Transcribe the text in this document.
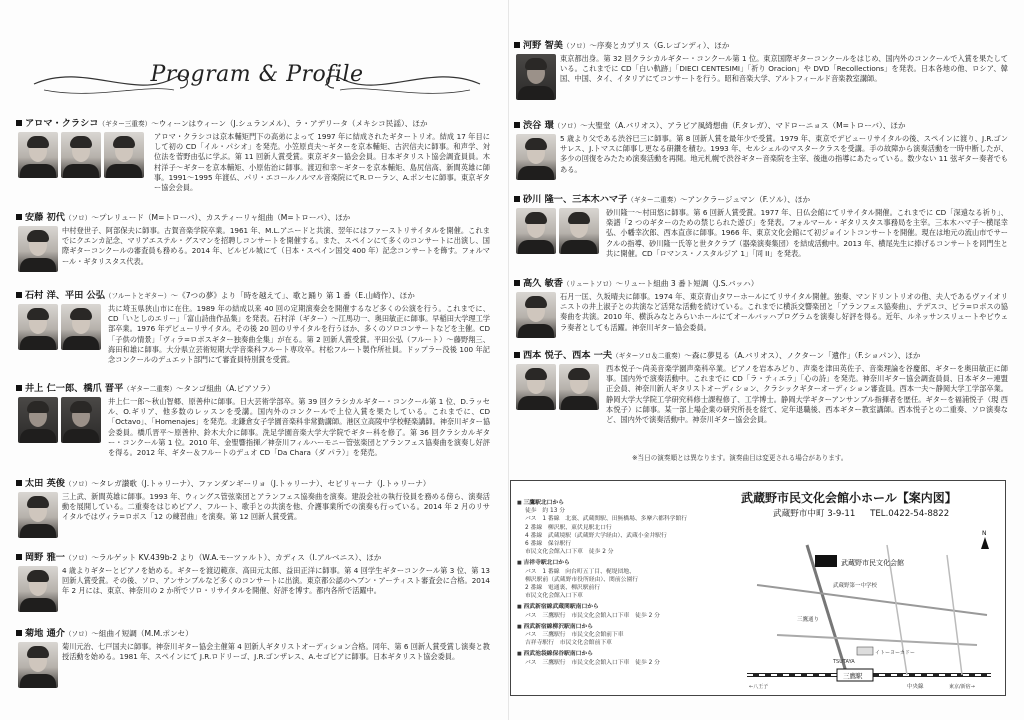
Program & Profile
アロマ・クラシコ（ギター三重奏）〜ウィーンはウィーン（J.シュランメル）、ラ・アデリータ（メキシコ民謡）、ほか
アロマ・クラシコは京本輔矩門下の高弟によって 1997 年に結成されたギタートリオ。結成 17 年目にして初の CD「イル・パシオ」を発売。小笠原貞夫〜ギターを京本輔矩、古沢信夫に師事。和声学、対位法を菅野由弘に学ぶ。第 11 回新人賞受賞。東京ギター協会会員。日本ギタリスト協会調査員員。木村洋子〜ギターを京本輔矩、小原佑治に師事。渡辺和幸〜ギターを京本輔矩、島尻信高、新間英雄に師事。1991〜1995 年渡仏、パリ・エコールノルマル音楽院にてR.ローラン、A.ポンセに師事。東京ギター協会会員。
安藤 初代（ソロ）〜プレリュード（M=トローバ）、カスティーリャ組曲（M=トローバ）、ほか
中村登世子、阿部保夫に師事。古賀音楽学院卒業。1961 年、M.L.アニードと共演、翌年にはファーストリサイタルを開催。これまでにクエンカ記念、マリアエステル・グスマンを招聘しコンサートを開催する。また、スペインにて多くのコンサートに出演し、国際ギターコンクールの審査員も務める。2014 年、ビルビル城にて（日本・スペイン国交 400 年）記念コンサートを飾す。フォルマール・ギタリスタス代表。
石村 洋、平田 公弘（フルートとギター）〜《7つの夢》より「時を越えて」、歌と踊り 第 1 番（E.山崎作）、ほか
共に埼玉県狭山市に在住。1989 年の結成以来 40 回の定期演奏会を開催するなど多くの公演を行う。これまでに、CD「いとしのエリー」「富山詩曲作品集」を発表。石村洋（ギター）〜江馬功一、奥田敏正に師事。早稲田大学理工学部卒業。1976 年デビューリサイタル。その後 20 回のリサイタルを行うほか、多くのソロコンサートなどを主催。CD「子供の情景」「ヴィラ=ロボスギター独奏曲全集」が在る。第 2 回新人賞受賞。平田公弘（フルート）〜藤野翔三、海田和雄に師事。大分県立芸術短期大学音楽科フルート専攻卒。村松フルート製作所社員。ドップラー没後 100 年記念コンクールのデュエット部門にて審査員特別賞を受賞。
井上 仁一郎、橋爪 晋平（ギター二重奏）〜タンゴ組曲（A.ピアソラ）
井上仁一郎〜秋山智郷、原善仲に師事。日大芸術学部卒。第 39 回クラシカルギター・コンクール第 1 位、D.ラッセル、O.ギリア、他多数のレッスンを受講。国内外のコンクールで上位入賞を果たしている。これまでに、CD「Octavo」、「Homenajes」を発売。北鎌倉女子学園音楽科非常勤講師。港区立高陵中学校軽楽講師。神奈川ギター協会委員。橋爪晋平〜原善仲、鈴木大介に師事。洗足学園音楽大学大学院でギター科を修了。第 36 回クラシカルギター・コンクール第 1 位。2010 年、金聖響指揮／神奈川フィルハーモニー管弦楽団とアランフェス協奏曲を演奏し好評を得る。2012 年、ギター＆フルートのデュオ CD「Da Chara（ダ パラ）」を発売。
太田 英俊（ソロ）〜タレガ讃歌（J.トゥリーナ）、ファンダンギーリョ（J.トゥリーナ）、セビリャーナ（J.トゥリーナ）
三上武、新間英雄に師事。1993 年、ウィングス管弦楽団とアランフェス協奏曲を演奏。建設会社の執行役員を務める傍ら、演奏活動を展開している。二重奏をはじめピアノ、フルート、歌手との共演を他、介護事業所での演奏も行っている。2014 年 2 月のリサイタルではヴィラ=ロボス「12 の練習曲」を演奏。第 12 回新人賞受賞。
岡野 雅一（ソロ）〜ラルゲット KV.439b-2 より（W.A.モーツァルト）、カディス（I.アルベニス）、ほか
4 歳よりギターとピアノを始める。ギターを渡辺範彦、高田元太郎、益田正洋に師事。第 4 回学生ギターコンクール第 3 位、第 13 回新人賞受賞。その後、ソロ、アンサンブルなど多くのコンサートに出演。東京都公認のヘブン・アーティスト審査会に合格。2014 年 2 月には、東京、神奈川の 2 か所でソロ・リサイタルを開催、好評を博す。都内各所で活躍中。
菊地 通介（ソロ）〜組曲イ短調（M.M.ポンセ）
菊川元治、七戸国夫に師事。神奈川ギター協会主催第 4 回新人ギタリストオーディション合格。同年、第 6 回新人賞受賞し演奏と教授活動を始める。1981 年、スペインにて J.R.ロドリーゴ、J.R.ゴンザレス、A.セゴビアに師事。日本ギタリスト協会委員。
河野 智美（ソロ）〜序奏とカプリス（G.レゴンディ）、ほか
東京都出身。第 32 回クラシカルギター・コンクール第 1 位。東京国際ギターコンクールをはじめ、国内外のコンクールで入賞を果たしている。これまでに CD「白い軌跡」「DIECI CENTESIMI」「祈り Oracion」や DVD「Recollections」を発表。日本各地の他、ロシア、韓国、中国、タイ、イタリアにてコンサートを行う。昭和音楽大学、アルトフィールド音楽教室講師。
渋谷 環（ソロ）〜大聖堂（A.バリオス）、アラビア風綺想曲（F.タレガ）、マドローニョス（M=トローバ）、ほか
5 歳より父である渋谷巳三に師事。第 8 回新人賞を最年少で受賞。1979 年、東京でデビューリサイタルの後、スペインに渡り、J.R.ゴンサレス、J.トマスに師事し更なる研鑽を積む。1993 年、セルシェルのマスタークラスを受講。手の故障から演奏活動を一時中断したが、多少の回復をみたため演奏活動を再開。地元札幌で渋谷ギター音楽院を主宰、後進の指導にあたっている。数少ない 11 弦ギター奏者でもある。
砂川 隆一、三本木ハマ子（ギター二重奏）〜アンクラージュマン（F.ソル）、ほか
砂川隆一〜村田悠に師事。第 6 回新人賞受賞。1977 年、日仏会館にてリサイタル開催。これまでに CD「深遠なる祈り」、楽譜「2 つのギターのための禁じられた遊び」を発表。フォルマール・ギタリスタス事務局を主宰。三本木ハマ子〜横尾幸弘、小幡幸次郎、西本直彦に師事。1966 年、東京文化会館にて初ジョイントコンサートを開催。現在は地元の流山市でサークルの指導、砂川隆一氏等と世タクラブ（器楽演奏集団）を結成活動中。2013 年、横尾先生に捧げるコンサートを同門生と共に開催。CD「ロマンス・ノスタルジア 1」「同 II」を発表。
高久 敏香（リュートソロ）〜リュート組曲 3 番ト短調（J.S.バッハ）
石月一匡、久坂晴夫に師事。1974 年、東京青山タワーホールにてリサイタル開催。独奏、マンドリントリオの他、夫人であるヴァイオリニストの井上淑子との共演など活発な活動を続けている。これまでに横浜交響楽団と「アランフェス協奏曲」、テデスコ、ビラ=ロボスの協奏曲を共演。2010 年、横浜みなとみらいホールにてオールバッハプログラムを演奏し好評を得る。近年、ルネッサンスリュートやビウェラ奏者としても活躍。神奈川ギター協会委員。
西本 悦子、西本 一夫（ギターソロ＆二重奏）〜森に夢見る（A.バリオス）、ノクターン「遺作」（F.ショパン）、ほか
西本悦子〜尚美音楽学園声楽科卒業。ピアノを岩本みどり、声楽を津田英佐子、音楽理論を谷慶郎、ギターを奥田敏正に師事。国内外で演奏活動中。これまでに CD「ラ・ティエラ」「心の詩」を発売。神奈川ギター協会調査員員、日本ギター連盟正会員、神奈川新人ギタリストオーディション、クラシックギターオーディション審査員。西本一夫〜静岡大学工学部卒業。静岡大学大学院工学研究科修士課程修了、工学博士。静岡大学ギターアンサンブル指揮者を歴任。ギターを福浦悦子（現 西本悦子）に師事。某一部上場企業の研究所長を経て、定年退職後、西本ギター教室講師。西本悦子との二重奏、ソロ演奏など、国内外で演奏活動中。神奈川ギター協会会員。
※当日の演奏順とは異なります。演奏曲目は変更される場合があります。
武蔵野市民文化会館小ホール【案内図】
武蔵野市中町 3-9-11 TEL.0422-54-8822
■ 三鷹駅北口から
徒歩　約 13 分
バス　1 番線　北裏、武蔵関駅、田無橋場、多摩六都科学館行
2 番線　柳沢駅、東伏見駅北口行
4 番線　武蔵境駅（武蔵野大学経由）、武蔵小金井駅行
6 番線　保谷駅行
市民文化会館入口下車　徒歩 2 分
■ 吉祥寺駅北口から
バス　1 番線　向台町五丁目、梶堤団地、
柳沢駅前（武蔵野市役所経由）、関前公園行
2 番線　電通裏、柳沢駅前行
市民文化会館入口下車
■ 西武新宿線武蔵関駅南口から
バス　三鷹駅行　市民文化会館入口下車　徒歩 2 分
■ 西武新宿線柳沢駅南口から
バス　三鷹駅行　市民文化会館前下車
吉祥寺駅行　市民文化会館前下車
■ 西武池袋線保谷駅南口から
バス　三鷹駅行　市民文化会館入口下車　徒歩 2 分
武蔵野市民文化会館
武蔵野第一中学校
三鷹通り
イトーヨーカドー
TSUTAYA
三鷹駅
中央線
←八王子	東京/新宿→
N
